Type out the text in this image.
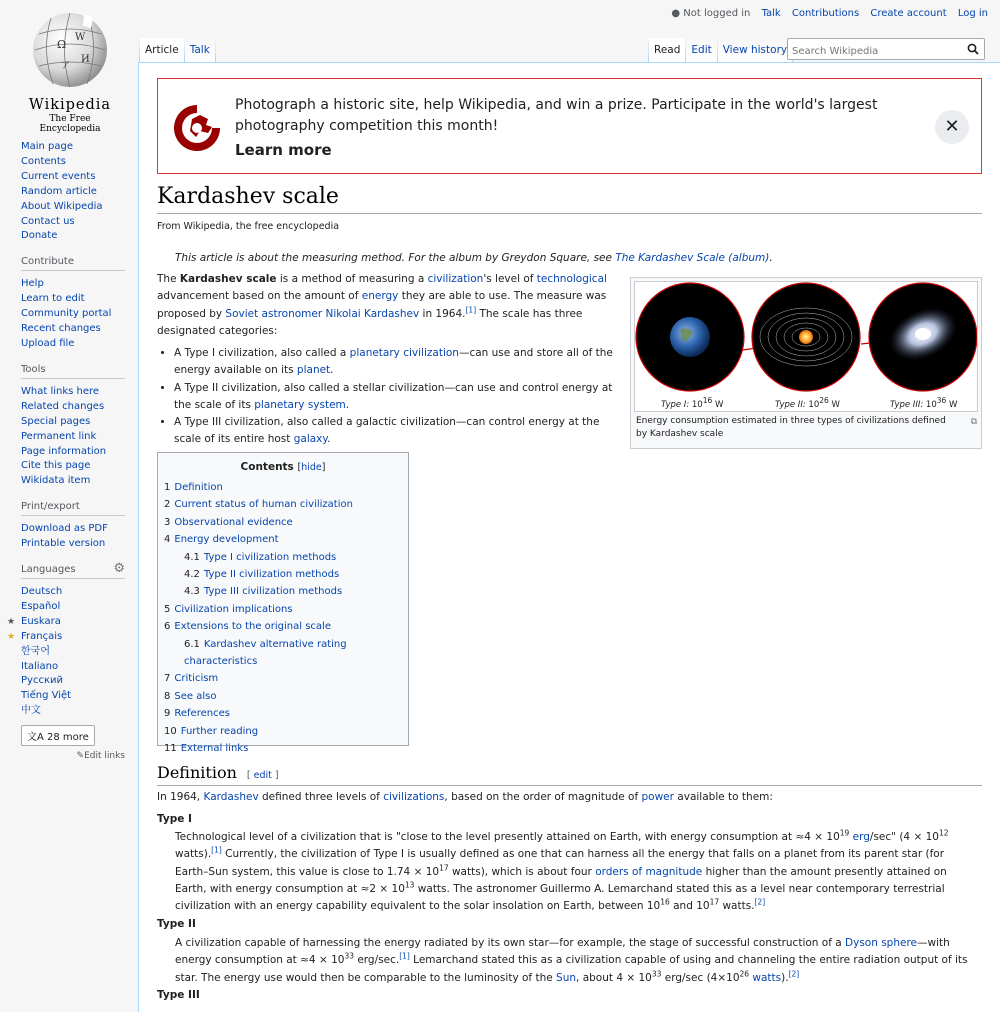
Ω
W
И
ア
Wikipedia
The Free Encyclopedia
● Not logged in Talk Contributions Create account Log in
Article	Talk	Read	Edit	View history
Search Wikipedia
Main page
Contents
Current events
Random article
About Wikipedia
Contact us
Donate
Contribute
Help
Learn to edit
Community portal
Recent changes
Upload file
Tools
What links here
Related changes
Special pages
Permanent link
Page information
Cite this page
Wikidata item
Print/export
Download as PDF
Printable version
Languages	⚙
Deutsch
Español
★ Euskara
★ Français
한국어
Italiano
Русский
Tiếng Việt
中文
文A 28 more
✎Edit links
Photograph a historic site, help Wikipedia, and win a prize. Participate in the world's largest photography competition this month!
Learn more
✕
Kardashev scale
From Wikipedia, the free encyclopedia
This article is about the measuring method. For the album by Greydon Square, see The Kardashev Scale (album).

The Kardashev scale is a method of measuring a civilization's level of technological advancement based on the amount of energy they are able to use. The measure was proposed by Soviet astronomer Nikolai Kardashev in 1964.[1] The scale has three designated categories:

• A Type I civilization, also called a planetary civilization—can use and store all of the energy available on its planet.
• A Type II civilization, also called a stellar civilization—can use and control energy at the scale of its planetary system.
• A Type III civilization, also called a galactic civilization—can control energy at the scale of its entire host galaxy.
Type I: $10^{16}$ W	Type II: $10^{26}$ W	Type III: $10^{36}$ W
Energy consumption estimated in three types of civilizations defined by Kardashev scale
⧉
Contents [hide]
1 Definition
2 Current status of human civilization
3 Observational evidence
4 Energy development
4.1 Type I civilization methods
4.2 Type II civilization methods
4.3 Type III civilization methods
5 Civilization implications
6 Extensions to the original scale
6.1 Kardashev alternative rating characteristics
7 Criticism
8 See also
9 References
10 Further reading
11 External links
Definition [ edit ]
In 1964, Kardashev defined three levels of civilizations, based on the order of magnitude of power available to them:
Type I
Technological level of a civilization that is "close to the level presently attained on Earth, with energy consumption at $\approx 4 \times 10^{19}$ erg/sec" ($4 \times 10^{12}$ watts).[1] Currently, the civilization of Type I is usually defined as one that can harness all the energy that falls on a planet from its parent star (for Earth–Sun system, this value is close to $1.74 \times 10^{17}$ watts), which is about four orders of magnitude higher than the amount presently attained on Earth, with energy consumption at $\approx 2 \times 10^{13}$ watts. The astronomer Guillermo A. Lemarchand stated this as a level near contemporary terrestrial civilization with an energy capability equivalent to the solar insolation on Earth, between $10^{16}$ and $10^{17}$ watts.[2]
Type II
A civilization capable of harnessing the energy radiated by its own star—for example, the stage of successful construction of a Dyson sphere—with energy consumption at $\approx 4 \times 10^{33}$ erg/sec.[1] Lemarchand stated this as a civilization capable of using and channeling the entire radiation output of its star. The energy use would then be comparable to the luminosity of the Sun, about $4 \times 10^{33}$ erg/sec ($4\times 10^{26}$ watts).[2]
Type III
